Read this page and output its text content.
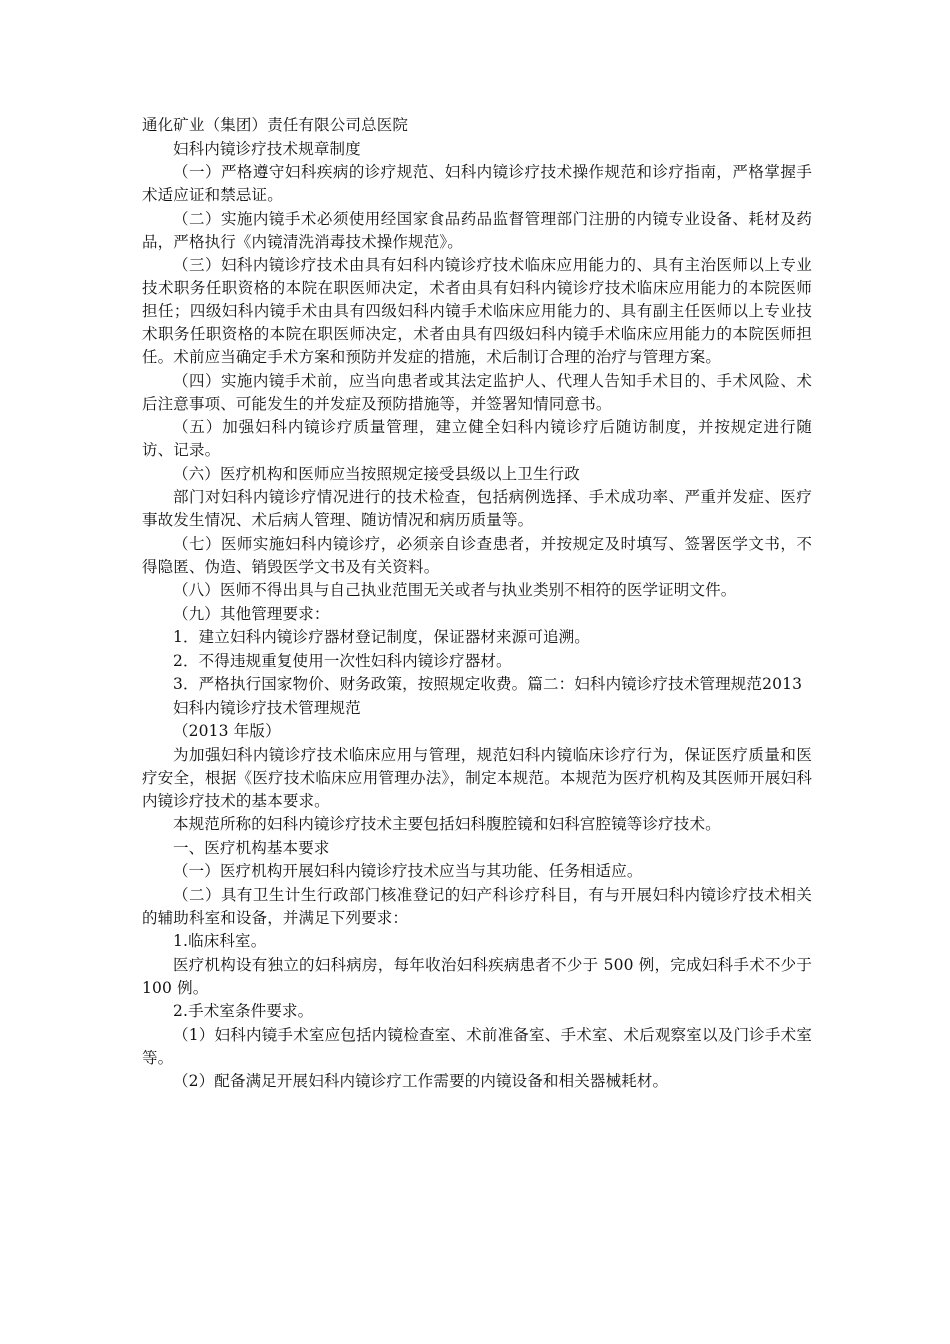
通化矿业（集团）责任有限公司总医院

妇科内镜诊疗技术规章制度

（一）严格遵守妇科疾病的诊疗规范、妇科内镜诊疗技术操作规范和诊疗指南，严格掌握手术适应证和禁忌证。

（二）实施内镜手术必须使用经国家食品药品监督管理部门注册的内镜专业设备、耗材及药品，严格执行《内镜清洗消毒技术操作规范》。

（三）妇科内镜诊疗技术由具有妇科内镜诊疗技术临床应用能力的、具有主治医师以上专业技术职务任职资格的本院在职医师决定，术者由具有妇科内镜诊疗技术临床应用能力的本院医师担任；四级妇科内镜手术由具有四级妇科内镜手术临床应用能力的、具有副主任医师以上专业技术职务任职资格的本院在职医师决定，术者由具有四级妇科内镜手术临床应用能力的本院医师担任。术前应当确定手术方案和预防并发症的措施，术后制订合理的治疗与管理方案。

（四）实施内镜手术前，应当向患者或其法定监护人、代理人告知手术目的、手术风险、术后注意事项、可能发生的并发症及预防措施等，并签署知情同意书。

（五）加强妇科内镜诊疗质量管理，建立健全妇科内镜诊疗后随访制度，并按规定进行随访、记录。

（六）医疗机构和医师应当按照规定接受县级以上卫生行政

部门对妇科内镜诊疗情况进行的技术检查，包括病例选择、手术成功率、严重并发症、医疗事故发生情况、术后病人管理、随访情况和病历质量等。

（七）医师实施妇科内镜诊疗，必须亲自诊查患者，并按规定及时填写、签署医学文书，不得隐匿、伪造、销毁医学文书及有关资料。

（八）医师不得出具与自己执业范围无关或者与执业类别不相符的医学证明文件。

（九）其他管理要求：

1．建立妇科内镜诊疗器材登记制度，保证器材来源可追溯。

2．不得违规重复使用一次性妇科内镜诊疗器材。

3．严格执行国家物价、财务政策，按照规定收费。篇二：妇科内镜诊疗技术管理规范2013

妇科内镜诊疗技术管理规范

（2013 年版）

为加强妇科内镜诊疗技术临床应用与管理，规范妇科内镜临床诊疗行为，保证医疗质量和医疗安全，根据《医疗技术临床应用管理办法》，制定本规范。本规范为医疗机构及其医师开展妇科内镜诊疗技术的基本要求。

本规范所称的妇科内镜诊疗技术主要包括妇科腹腔镜和妇科宫腔镜等诊疗技术。

一、医疗机构基本要求

（一）医疗机构开展妇科内镜诊疗技术应当与其功能、任务相适应。

（二）具有卫生计生行政部门核准登记的妇产科诊疗科目，有与开展妇科内镜诊疗技术相关的辅助科室和设备，并满足下列要求：

1.临床科室。

医疗机构设有独立的妇科病房，每年收治妇科疾病患者不少于 500 例，完成妇科手术不少于 100 例。

2.手术室条件要求。

（1）妇科内镜手术室应包括内镜检查室、术前准备室、手术室、术后观察室以及门诊手术室等。

（2）配备满足开展妇科内镜诊疗工作需要的内镜设备和相关器械耗材。
